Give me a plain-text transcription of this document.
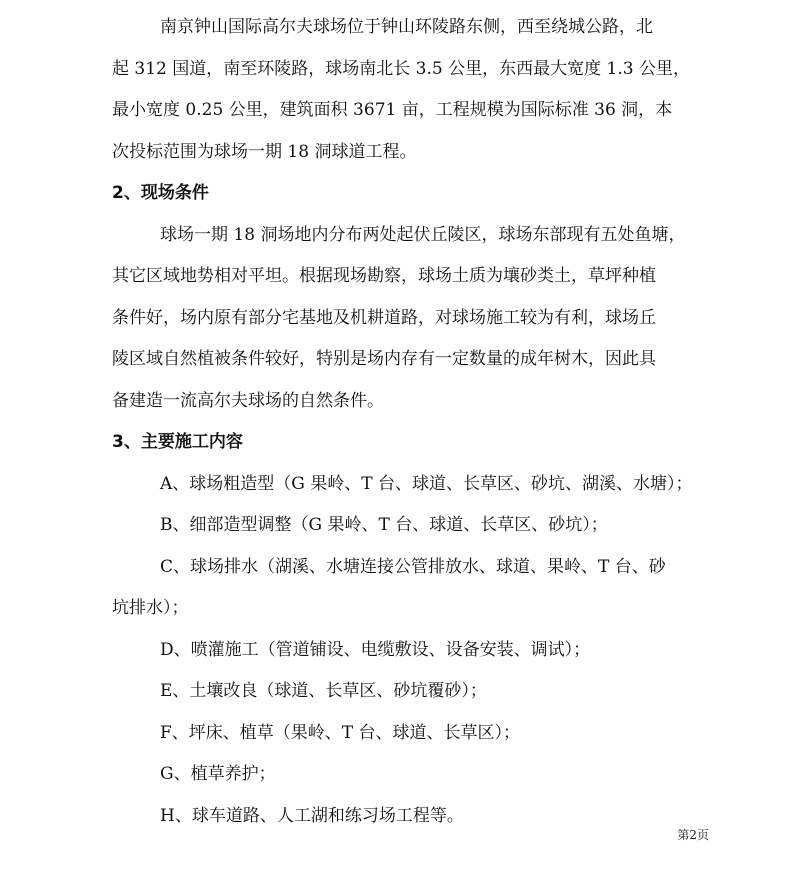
南京钟山国际高尔夫球场位于钟山环陵路东侧，西至绕城公路，北
起 312 国道，南至环陵路，球场南北长 3.5 公里，东西最大宽度 1.3 公里，
最小宽度 0.25 公里，建筑面积 3671 亩，工程规模为国际标准 36 洞，本
次投标范围为球场一期 18 洞球道工程。

2、现场条件

球场一期 18 洞场地内分布两处起伏丘陵区，球场东部现有五处鱼塘，
其它区域地势相对平坦。根据现场勘察，球场土质为壤砂类土，草坪种植
条件好，场内原有部分宅基地及机耕道路，对球场施工较为有利，球场丘
陵区域自然植被条件较好，特别是场内存有一定数量的成年树木，因此具
备建造一流高尔夫球场的自然条件。

3、主要施工内容

A、球场粗造型（G 果岭、T 台、球道、长草区、砂坑、湖溪、水塘）；

B、细部造型调整（G 果岭、T 台、球道、长草区、砂坑）；

C、球场排水（湖溪、水塘连接公管排放水、球道、果岭、T 台、砂
坑排水）；

D、喷灌施工（管道铺设、电缆敷设、设备安装、调试）；

E、土壤改良（球道、长草区、砂坑覆砂）；

F、坪床、植草（果岭、T 台、球道、长草区）；

G、植草养护；

H、球车道路、人工湖和练习场工程等。

第2页
